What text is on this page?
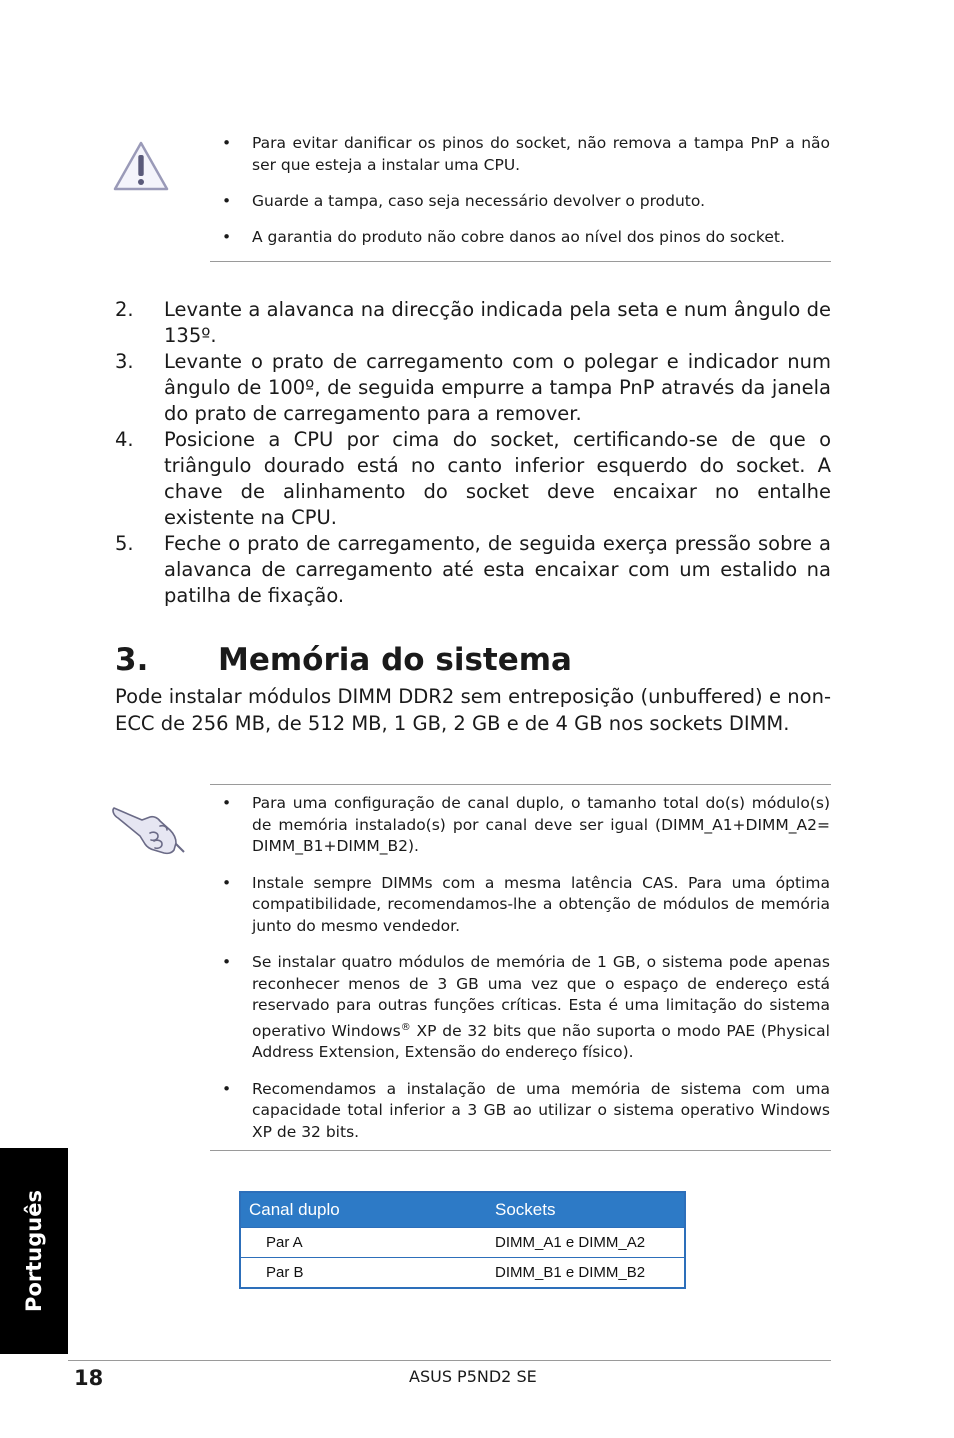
• Para evitar danificar os pinos do socket, não remova a tampa PnP a não ser que esteja a instalar uma CPU.
• Guarde a tampa, caso seja necessário devolver o produto.
• A garantia do produto não cobre danos ao nível dos pinos do socket.
2. Levante a alavanca na direcção indicada pela seta e num ângulo de 135º.
3. Levante o prato de carregamento com o polegar e indicador num ângulo de 100º, de seguida empurre a tampa PnP através da janela do prato de carregamento para a remover.
4. Posicione a CPU por cima do socket, certificando-se de que o triângulo dourado está no canto inferior esquerdo do socket. A chave de alinhamento do socket deve encaixar no entalhe existente na CPU.
5. Feche o prato de carregamento, de seguida exerça pressão sobre a alavanca de carregamento até esta encaixar com um estalido na patilha de fixação.
3. Memória do sistema

Pode instalar módulos DIMM DDR2 sem entreposição (unbuffered) e non-ECC de 256 MB, de 512 MB, 1 GB, 2 GB e de 4 GB nos sockets DIMM.

• Para uma configuração de canal duplo, o tamanho total do(s) módulo(s) de memória instalado(s) por canal deve ser igual (DIMM_A1+DIMM_A2= DIMM_B1+DIMM_B2).
• Instale sempre DIMMs com a mesma latência CAS. Para uma óptima compatibilidade, recomendamos-lhe a obtenção de módulos de memória junto do mesmo vendedor.
• Se instalar quatro módulos de memória de 1 GB, o sistema pode apenas reconhecer menos de 3 GB uma vez que o espaço de endereço está reservado para outras funções críticas. Esta é uma limitação do sistema operativo Windows® XP de 32 bits que não suporta o modo PAE (Physical Address Extension, Extensão do endereço físico).
• Recomendamos a instalação de uma memória de sistema com uma capacidade total inferior a 3 GB ao utilizar o sistema operativo Windows XP de 32 bits.
Canal duplo	Sockets
Par A	DIMM_A1 e DIMM_A2
Par B	DIMM_B1 e DIMM_B2
Português
18	ASUS P5ND2 SE
